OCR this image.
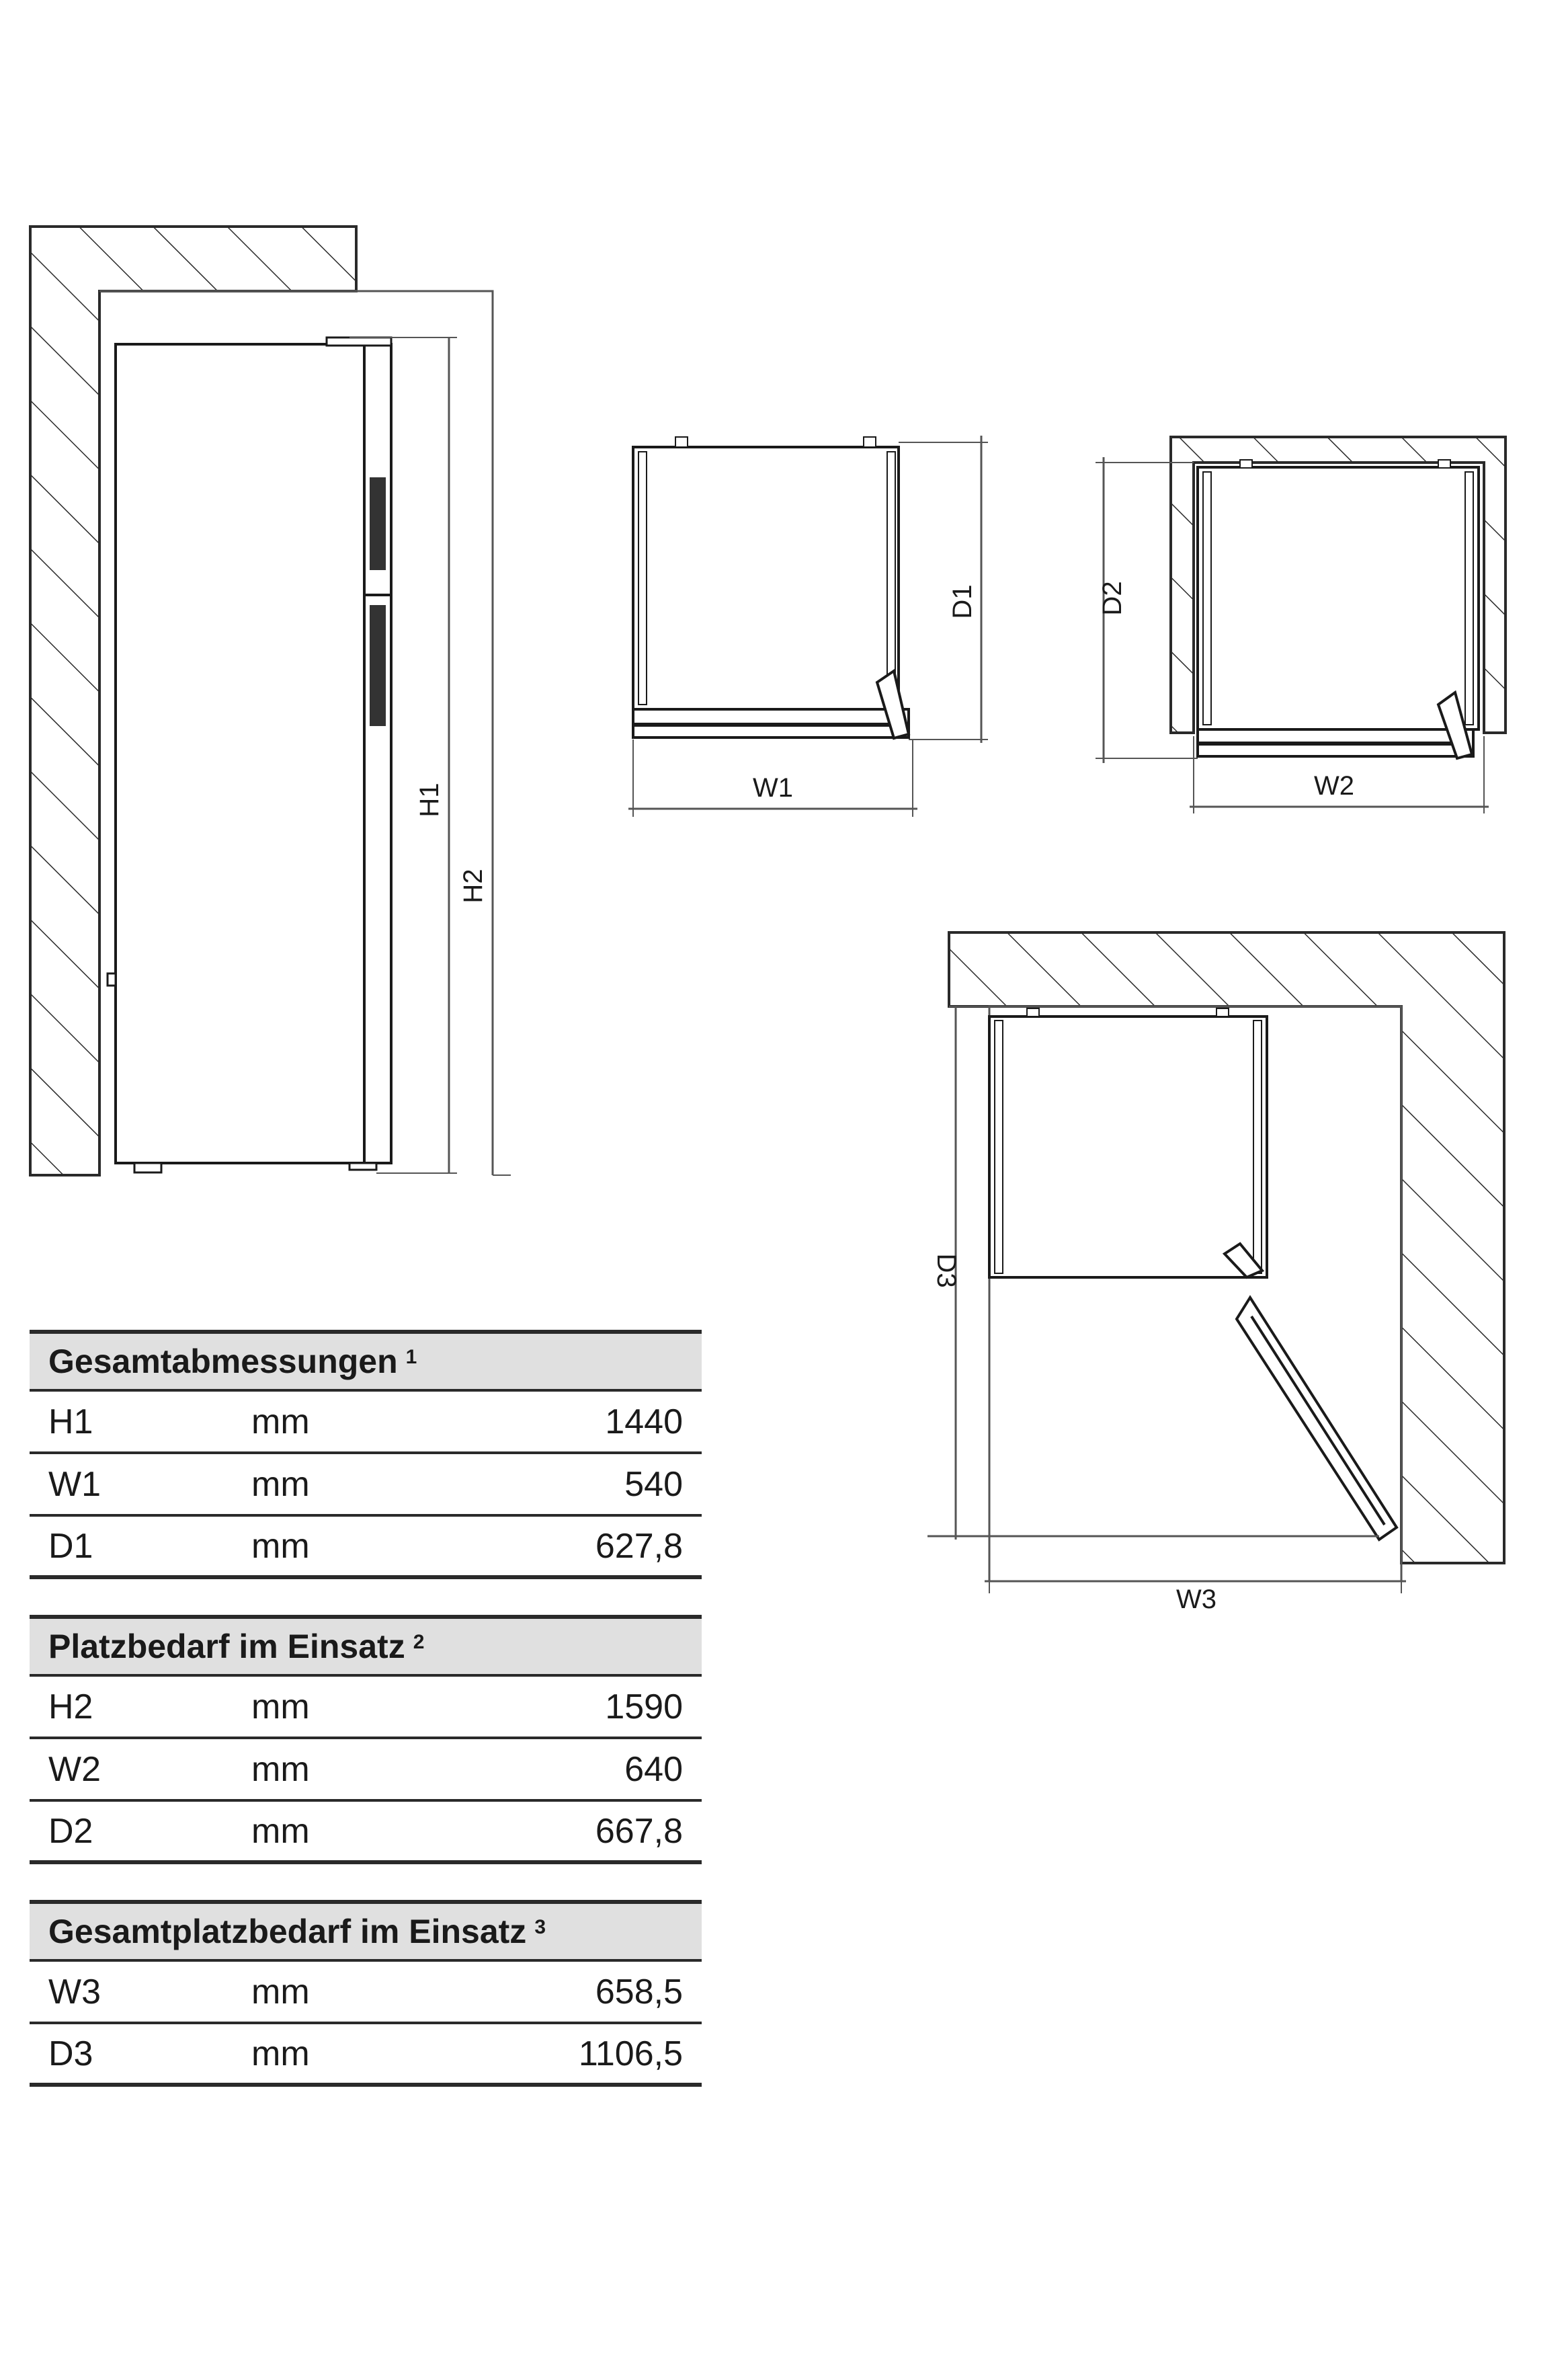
H1
H2
D1
W1
D2
W2
D3
W3
Gesamtabmessungen $^1$
H1	mm	1440
W1	mm	540
D1	mm	627,8
Platzbedarf im Einsatz $^2$
H2	mm	1590
W2	mm	640
D2	mm	667,8
Gesamtplatzbedarf im Einsatz $^3$
W3	mm	658,5
D3	mm	1106,5
